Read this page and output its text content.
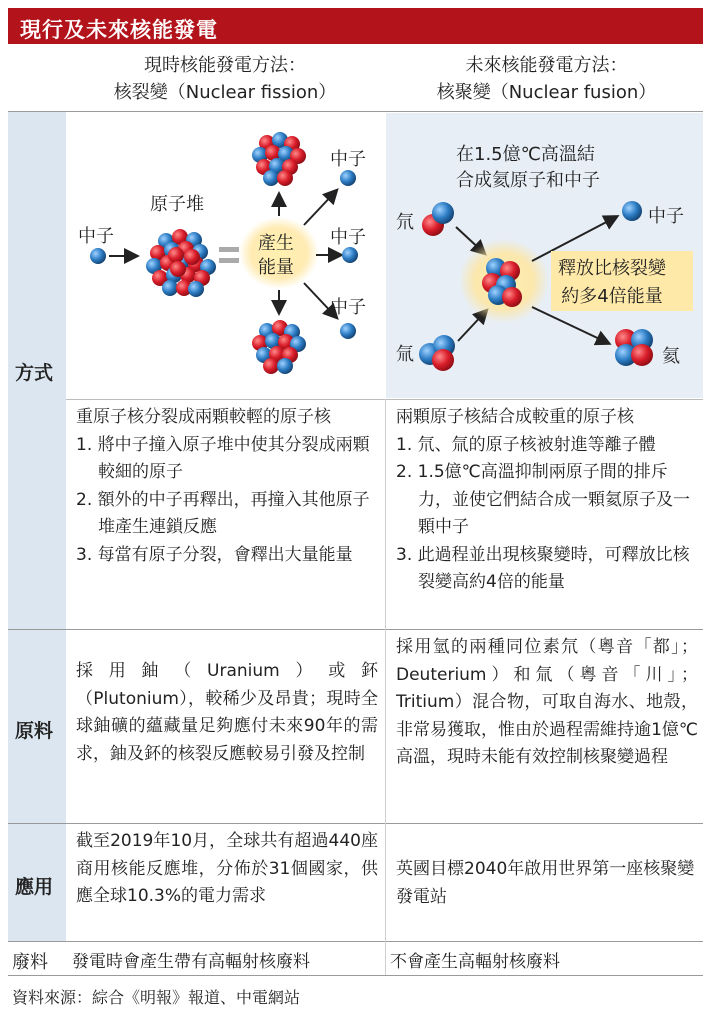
現行及未來核能發電
現時核能發電方法：
核裂變（Nuclear fission）
未來核能發電方法：
核聚變（Nuclear fusion）
方式
原料
應用
廢料
中子
原子堆
產生
能量
中子
中子
中子
在1.5億℃高溫結
合成氦原子和中子
氘
氚
中子
氦
釋放比核裂變
約多4倍能量
重原子核分裂成兩顆較輕的原子核
1. 將中子撞入原子堆中使其分裂成兩顆較細的原子
2. 額外的中子再釋出，再撞入其他原子堆產生連鎖反應
3. 每當有原子分裂，會釋出大量能量
兩顆原子核結合成較重的原子核
1. 氘、氚的原子核被射進等離子體
2. 1.5億℃高溫抑制兩原子間的排斥力，並使它們結合成一顆氦原子及一顆中子
3. 此過程並出現核聚變時，可釋放比核裂變高約4倍的能量
採用鈾（Uranium）或鈈（Plutonium），較稀少及昂貴；現時全球鈾礦的蘊藏量足夠應付未來90年的需求，鈾及鈈的核裂反應較易引發及控制
採用氫的兩種同位素氘（粵音「都」；Deuterium）和氚（粵音「川」；Tritium）混合物，可取自海水、地殼，非常易獲取，惟由於過程需維持逾1億℃高溫，現時未能有效控制核聚變過程
截至2019年10月，全球共有超過440座商用核能反應堆，分佈於31個國家，供應全球10.3%的電力需求
英國目標2040年啟用世界第一座核聚變發電站
發電時會產生帶有高輻射核廢料	不會產生高輻射核廢料
資料來源：綜合《明報》報道、中電網站
